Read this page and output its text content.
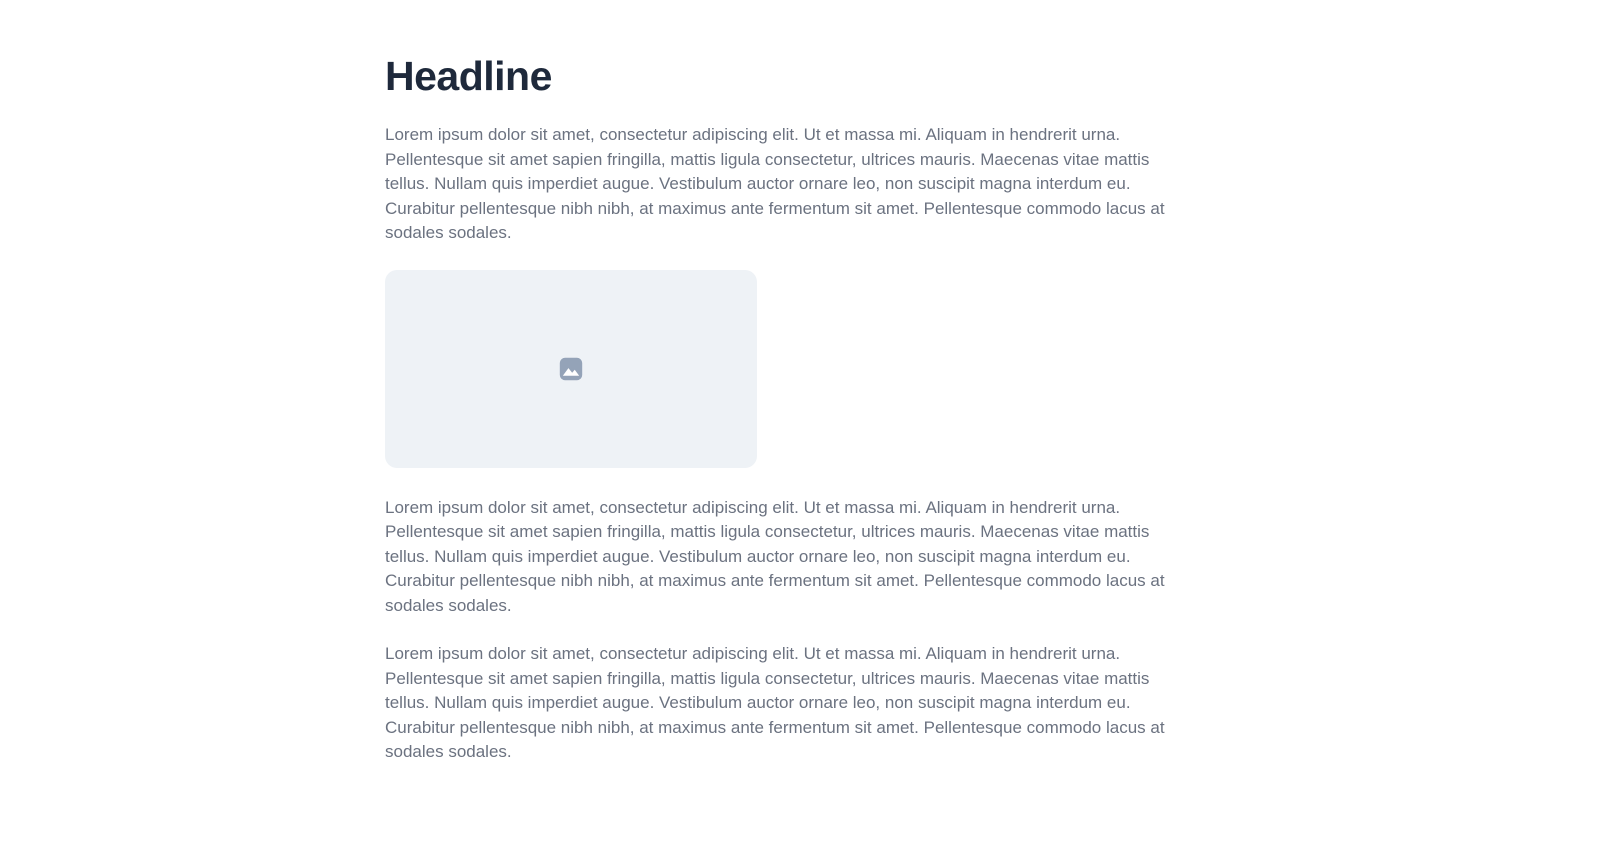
Headline

Lorem ipsum dolor sit amet, consectetur adipiscing elit. Ut et massa mi. Aliquam in hendrerit urna. Pellentesque sit amet sapien fringilla, mattis ligula consectetur, ultrices mauris. Maecenas vitae mattis tellus. Nullam quis imperdiet augue. Vestibulum auctor ornare leo, non suscipit magna interdum eu. Curabitur pellentesque nibh nibh, at maximus ante fermentum sit amet. Pellentesque commodo lacus at sodales sodales.

Lorem ipsum dolor sit amet, consectetur adipiscing elit. Ut et massa mi. Aliquam in hendrerit urna. Pellentesque sit amet sapien fringilla, mattis ligula consectetur, ultrices mauris. Maecenas vitae mattis tellus. Nullam quis imperdiet augue. Vestibulum auctor ornare leo, non suscipit magna interdum eu. Curabitur pellentesque nibh nibh, at maximus ante fermentum sit amet. Pellentesque commodo lacus at sodales sodales.

Lorem ipsum dolor sit amet, consectetur adipiscing elit. Ut et massa mi. Aliquam in hendrerit urna. Pellentesque sit amet sapien fringilla, mattis ligula consectetur, ultrices mauris. Maecenas vitae mattis tellus. Nullam quis imperdiet augue. Vestibulum auctor ornare leo, non suscipit magna interdum eu. Curabitur pellentesque nibh nibh, at maximus ante fermentum sit amet. Pellentesque commodo lacus at sodales sodales.
